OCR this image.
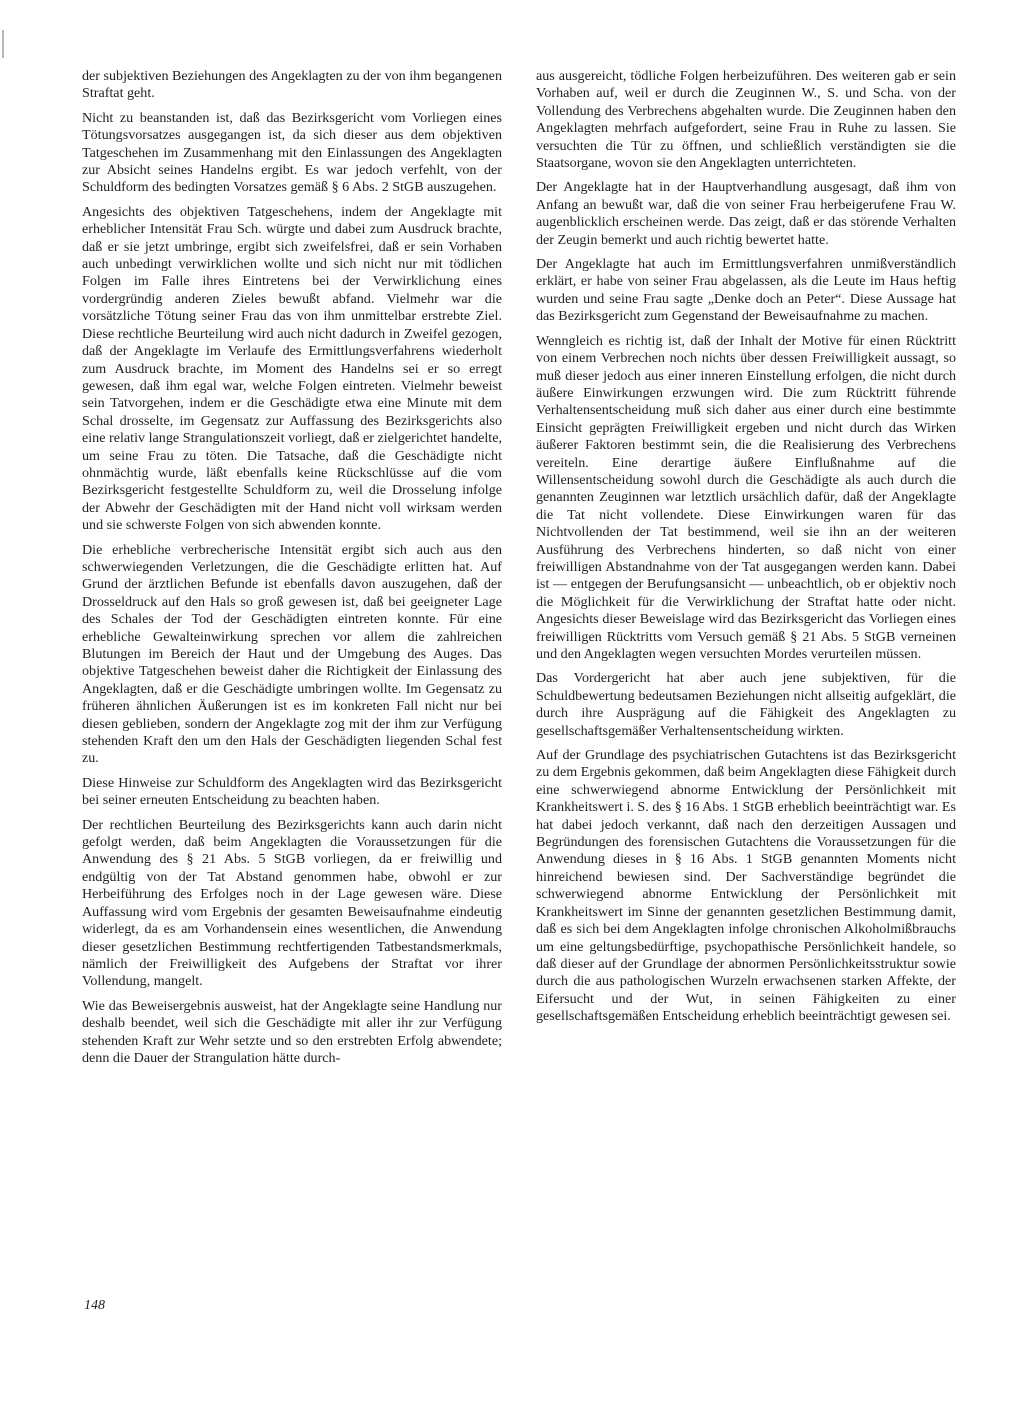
der subjektiven Beziehungen des Angeklagten zu der von ihm begangenen Straftat geht.

Nicht zu beanstanden ist, daß das Bezirksgericht vom Vorliegen eines Tötungsvorsatzes ausgegangen ist, da sich dieser aus dem objektiven Tatgeschehen im Zusammenhang mit den Einlassungen des Angeklagten zur Absicht seines Handelns ergibt. Es war jedoch verfehlt, von der Schuldform des bedingten Vorsatzes gemäß § 6 Abs. 2 StGB auszugehen.

Angesichts des objektiven Tatgeschehens, indem der Angeklagte mit erheblicher Intensität Frau Sch. würgte und dabei zum Ausdruck brachte, daß er sie jetzt umbringe, ergibt sich zweifelsfrei, daß er sein Vorhaben auch unbedingt verwirklichen wollte und sich nicht nur mit tödlichen Folgen im Falle ihres Eintretens bei der Verwirklichung eines vordergründig anderen Zieles bewußt abfand. Vielmehr war die vorsätzliche Tötung seiner Frau das von ihm unmittelbar erstrebte Ziel. Diese rechtliche Beurteilung wird auch nicht dadurch in Zweifel gezogen, daß der Angeklagte im Verlaufe des Ermittlungsverfahrens wiederholt zum Ausdruck brachte, im Moment des Handelns sei er so erregt gewesen, daß ihm egal war, welche Folgen eintreten. Vielmehr beweist sein Tatvorgehen, indem er die Geschädigte etwa eine Minute mit dem Schal drosselte, im Gegensatz zur Auffassung des Bezirksgerichts also eine relativ lange Strangulationszeit vorliegt, daß er zielgerichtet handelte, um seine Frau zu töten. Die Tatsache, daß die Geschädigte nicht ohnmächtig wurde, läßt ebenfalls keine Rückschlüsse auf die vom Bezirksgericht festgestellte Schuldform zu, weil die Drosselung infolge der Abwehr der Geschädigten mit der Hand nicht voll wirksam werden und sie schwerste Folgen von sich abwenden konnte.

Die erhebliche verbrecherische Intensität ergibt sich auch aus den schwerwiegenden Verletzungen, die die Geschädigte erlitten hat. Auf Grund der ärztlichen Befunde ist ebenfalls davon auszugehen, daß der Drosseldruck auf den Hals so groß gewesen ist, daß bei geeigneter Lage des Schales der Tod der Geschädigten eintreten konnte. Für eine erhebliche Gewalteinwirkung sprechen vor allem die zahlreichen Blutungen im Bereich der Haut und der Umgebung des Auges. Das objektive Tatgeschehen beweist daher die Richtigkeit der Einlassung des Angeklagten, daß er die Geschädigte umbringen wollte. Im Gegensatz zu früheren ähnlichen Äußerungen ist es im konkreten Fall nicht nur bei diesen geblieben, sondern der Angeklagte zog mit der ihm zur Verfügung stehenden Kraft den um den Hals der Geschädigten liegenden Schal fest zu.

Diese Hinweise zur Schuldform des Angeklagten wird das Bezirksgericht bei seiner erneuten Entscheidung zu beachten haben.

Der rechtlichen Beurteilung des Bezirksgerichts kann auch darin nicht gefolgt werden, daß beim Angeklagten die Voraussetzungen für die Anwendung des § 21 Abs. 5 StGB vorliegen, da er freiwillig und endgültig von der Tat Abstand genommen habe, obwohl er zur Herbeiführung des Erfolges noch in der Lage gewesen wäre. Diese Auffassung wird vom Ergebnis der gesamten Beweisaufnahme eindeutig widerlegt, da es am Vorhandensein eines wesentlichen, die Anwendung dieser gesetzlichen Bestimmung rechtfertigenden Tatbestandsmerkmals, nämlich der Freiwilligkeit des Aufgebens der Straftat vor ihrer Vollendung, mangelt.

Wie das Beweisergebnis ausweist, hat der Angeklagte seine Handlung nur deshalb beendet, weil sich die Geschädigte mit aller ihr zur Verfügung stehenden Kraft zur Wehr setzte und so den erstrebten Erfolg abwendete; denn die Dauer der Strangulation hätte durch-

aus ausgereicht, tödliche Folgen herbeizuführen. Des weiteren gab er sein Vorhaben auf, weil er durch die Zeuginnen W., S. und Scha. von der Vollendung des Verbrechens abgehalten wurde. Die Zeuginnen haben den Angeklagten mehrfach aufgefordert, seine Frau in Ruhe zu lassen. Sie versuchten die Tür zu öffnen, und schließlich verständigten sie die Staatsorgane, wovon sie den Angeklagten unterrichteten.

Der Angeklagte hat in der Hauptverhandlung ausgesagt, daß ihm von Anfang an bewußt war, daß die von seiner Frau herbeigerufene Frau W. augenblicklich erscheinen werde. Das zeigt, daß er das störende Verhalten der Zeugin bemerkt und auch richtig bewertet hatte.

Der Angeklagte hat auch im Ermittlungsverfahren unmißverständlich erklärt, er habe von seiner Frau abgelassen, als die Leute im Haus heftig wurden und seine Frau sagte „Denke doch an Peter“. Diese Aussage hat das Bezirksgericht zum Gegenstand der Beweisaufnahme zu machen.

Wenngleich es richtig ist, daß der Inhalt der Motive für einen Rücktritt von einem Verbrechen noch nichts über dessen Freiwilligkeit aussagt, so muß dieser jedoch aus einer inneren Einstellung erfolgen, die nicht durch äußere Einwirkungen erzwungen wird. Die zum Rücktritt führende Verhaltensentscheidung muß sich daher aus einer durch eine bestimmte Einsicht geprägten Freiwilligkeit ergeben und nicht durch das Wirken äußerer Faktoren bestimmt sein, die die Realisierung des Verbrechens vereiteln. Eine derartige äußere Einflußnahme auf die Willensentscheidung sowohl durch die Geschädigte als auch durch die genannten Zeuginnen war letztlich ursächlich dafür, daß der Angeklagte die Tat nicht vollendete. Diese Einwirkungen waren für das Nichtvollenden der Tat bestimmend, weil sie ihn an der weiteren Ausführung des Verbrechens hinderten, so daß nicht von einer freiwilligen Abstandnahme von der Tat ausgegangen werden kann. Dabei ist — entgegen der Berufungsansicht — unbeachtlich, ob er objektiv noch die Möglichkeit für die Verwirklichung der Straftat hatte oder nicht. Angesichts dieser Beweislage wird das Bezirksgericht das Vorliegen eines freiwilligen Rücktritts vom Versuch gemäß § 21 Abs. 5 StGB verneinen und den Angeklagten wegen versuchten Mordes verurteilen müssen.

Das Vordergericht hat aber auch jene subjektiven, für die Schuldbewertung bedeutsamen Beziehungen nicht allseitig aufgeklärt, die durch ihre Ausprägung auf die Fähigkeit des Angeklagten zu gesellschaftsgemäßer Verhaltensentscheidung wirkten.

Auf der Grundlage des psychiatrischen Gutachtens ist das Bezirksgericht zu dem Ergebnis gekommen, daß beim Angeklagten diese Fähigkeit durch eine schwerwiegend abnorme Entwicklung der Persönlichkeit mit Krankheitswert i. S. des § 16 Abs. 1 StGB erheblich beeinträchtigt war. Es hat dabei jedoch verkannt, daß nach den derzeitigen Aussagen und Begründungen des forensischen Gutachtens die Voraussetzungen für die Anwendung dieses in § 16 Abs. 1 StGB genannten Moments nicht hinreichend bewiesen sind. Der Sachverständige begründet die schwerwiegend abnorme Entwicklung der Persönlichkeit mit Krankheitswert im Sinne der genannten gesetzlichen Bestimmung damit, daß es sich bei dem Angeklagten infolge chronischen Alkoholmißbrauchs um eine geltungsbedürftige, psychopathische Persönlichkeit handele, so daß dieser auf der Grundlage der abnormen Persönlichkeitsstruktur sowie durch die aus pathologischen Wurzeln erwachsenen starken Affekte, der Eifersucht und der Wut, in seinen Fähigkeiten zu einer gesellschaftsgemäßen Entscheidung erheblich beeinträchtigt gewesen sei.

148
